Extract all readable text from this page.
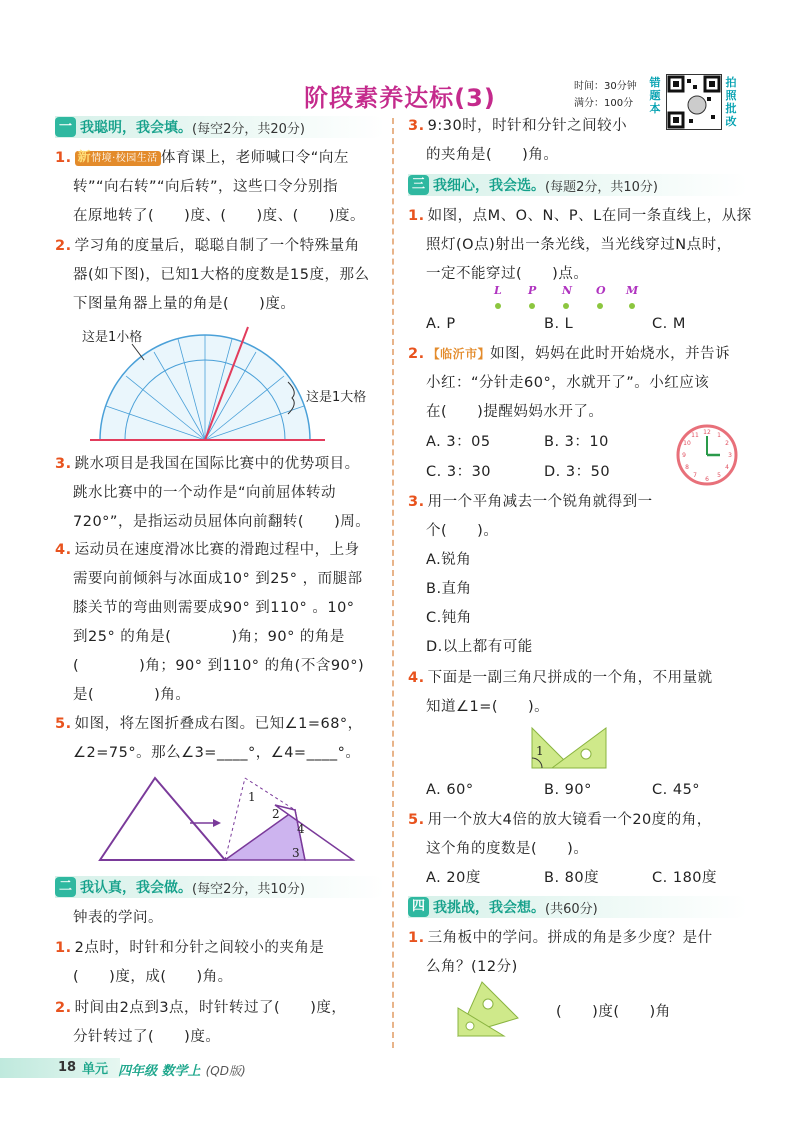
阶段素养达标(3)	时间：30分钟
满分：100分
错
题
本
拍
照
批
改
一 我聪明，我会填。 (每空2分，共20分)
1. 新情境·校园生活 体育课上，老师喊口令“向左
转”“向右转”“向后转”，这些口令分别指
在原地转了(　　)度、(　　)度、(　　)度。
2. 学习角的度量后，聪聪自制了一个特殊量角
器(如下图)，已知1大格的度数是15度，那么
下图量角器上量的角是(　　)度。
这是1小格
这是1大格
3. 跳水项目是我国在国际比赛中的优势项目。
跳水比赛中的一个动作是“向前屈体转动
720°”，是指运动员屈体向前翻转(　　)周。
4. 运动员在速度滑冰比赛的滑跑过程中，上身
需要向前倾斜与冰面成10° 到25° ，而腿部
膝关节的弯曲则需要成90° 到110° 。10°
到25° 的角是(　　　　)角；90° 的角是
(　　　　)角；90° 到110° 的角(不含90°)
是(　　　　)角。
5. 如图，将左图折叠成右图。已知∠1=68°，
∠2=75°。那么∠3=____°，∠4=____°。
1
2
3
4
二 我认真，我会做。 (每空2分，共10分)
钟表的学问。
1. 2点时，时针和分针之间较小的夹角是
(　　)度，成(　　)角。
2. 时间由2点到3点，时针转过了(　　)度，
分针转过了(　　)度。
3. 9:30时，时针和分针之间较小
的夹角是(　　)角。
三 我细心，我会选。 (每题2分，共10分)
1. 如图，点M、O、N、P、L在同一条直线上，从探
照灯(O点)射出一条光线，当光线穿过N点时，
一定不能穿过(　　)点。
L P N O M
A. P	B. L	C. M
2. 【临沂市】如图，妈妈在此时开始烧水，并告诉
小红：“分针走60°，水就开了”。小红应该
在(　　)提醒妈妈水开了。
A. 3：05	B. 3：10
C. 3：30	D. 3：50
12 1
2
3
4
5
6
7
8
9
10
11
3. 用一个平角减去一个锐角就得到一
个(　　)。
A.锐角
B.直角
C.钝角
D.以上都有可能
4. 下面是一副三角尺拼成的一个角，不用量就
知道∠1=(　　)。
1
A. 60°	B. 90°	C. 45°
5. 用一个放大4倍的放大镜看一个20度的角，
这个角的度数是(　　)。
A. 20度	B. 80度	C. 180度
四 我挑战，我会想。 (共60分)
1. 三角板中的学问。拼成的角是多少度？是什
么角？(12分)
(　　)度(　　)角
18 单元 四年级 数学上 (QD版)
